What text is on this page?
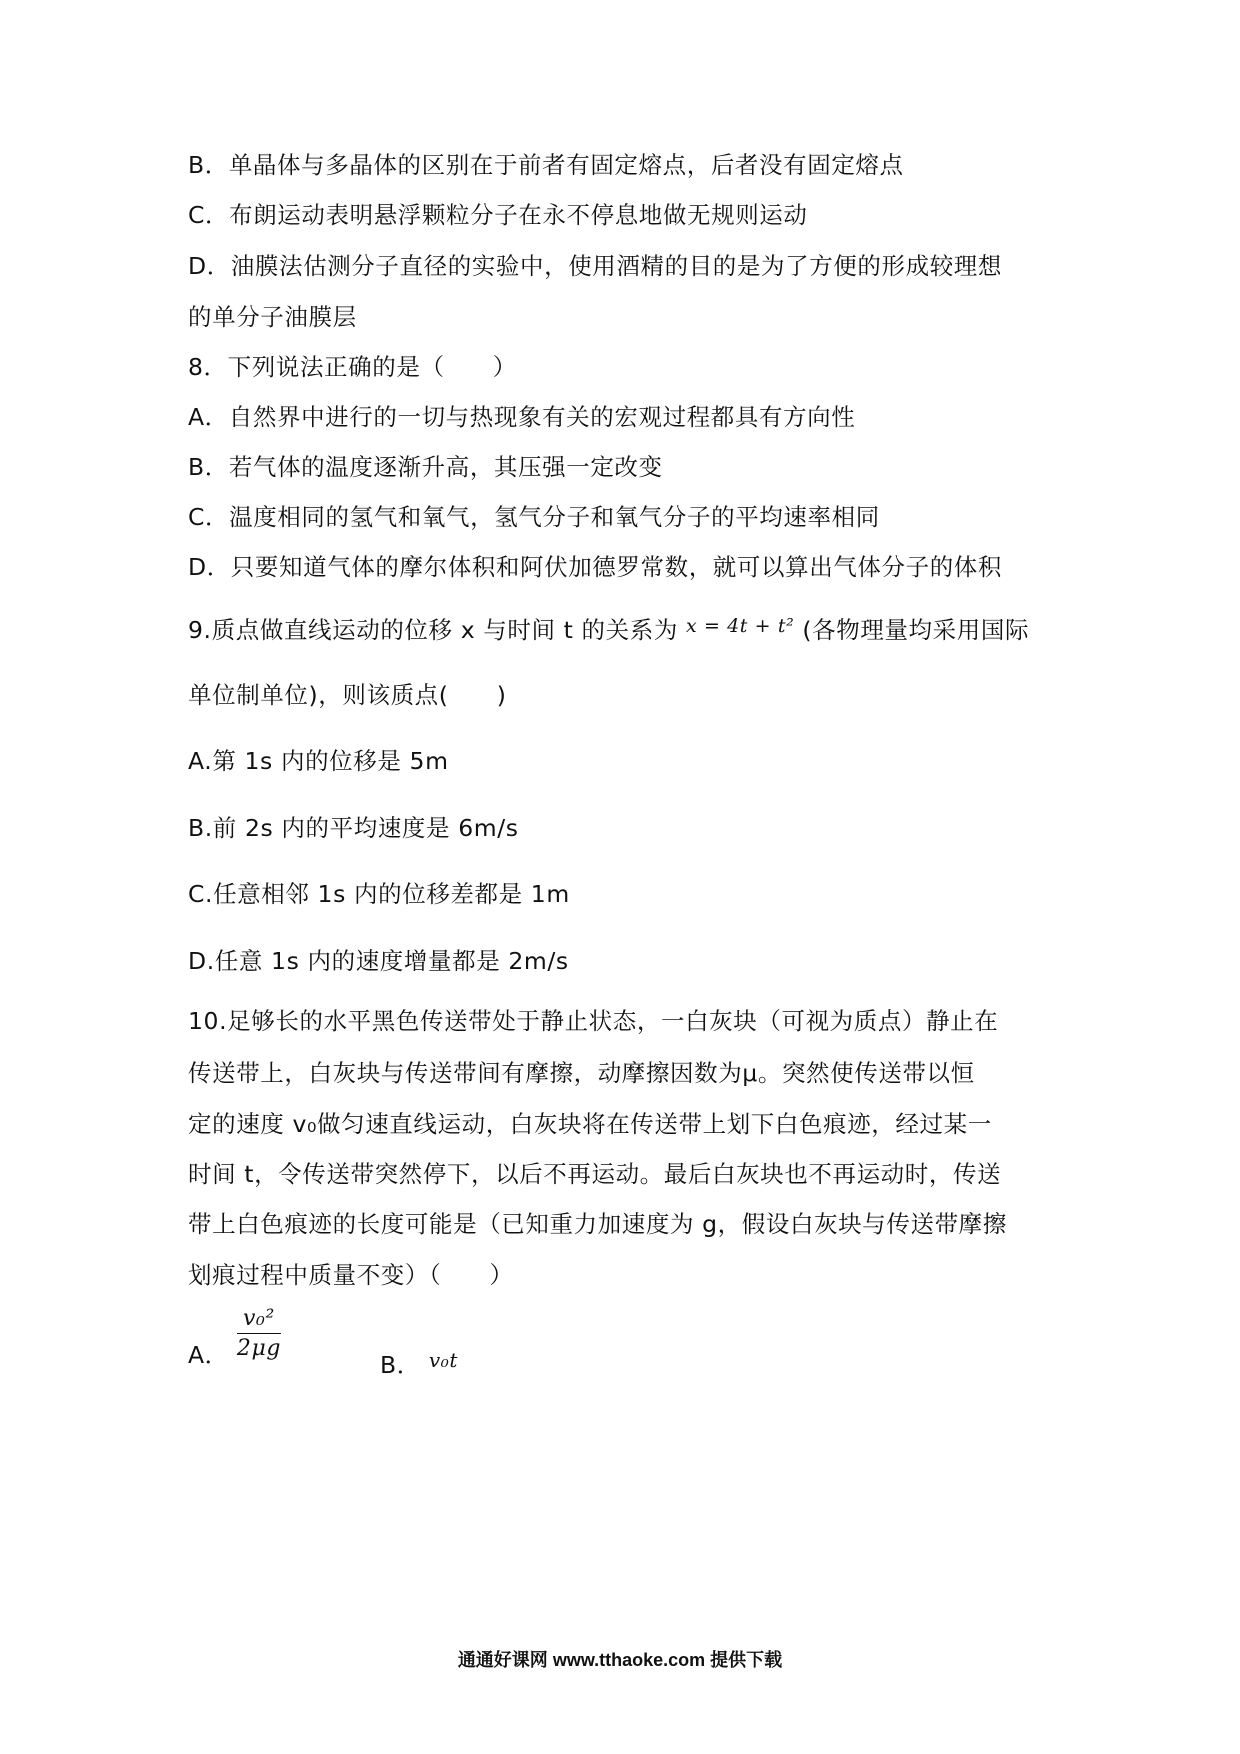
B．单晶体与多晶体的区别在于前者有固定熔点，后者没有固定熔点
C．布朗运动表明悬浮颗粒分子在永不停息地做无规则运动
D．油膜法估测分子直径的实验中，使用酒精的目的是为了方便的形成较理想
的单分子油膜层
8．下列说法正确的是（　　）
A．自然界中进行的一切与热现象有关的宏观过程都具有方向性
B．若气体的温度逐渐升高，其压强一定改变
C．温度相同的氢气和氧气，氢气分子和氧气分子的平均速率相同
D．只要知道气体的摩尔体积和阿伏加德罗常数，就可以算出气体分子的体积
9.质点做直线运动的位移 x 与时间 t 的关系为 $^{x = 4t + t^2}$ (各物理量均采用国际
单位制单位)，则该质点(　　)
A.第 1s 内的位移是 5m
B.前 2s 内的平均速度是 6m/s
C.任意相邻 1s 内的位移差都是 1m
D.任意 1s 内的速度增量都是 2m/s
10.足够长的水平黑色传送带处于静止状态，一白灰块（可视为质点）静止在
传送带上，白灰块与传送带间有摩擦，动摩擦因数为μ。突然使传送带以恒
定的速度 v₀做匀速直线运动，白灰块将在传送带上划下白色痕迹，经过某一
时间 t，令传送带突然停下，以后不再运动。最后白灰块也不再运动时，传送
带上白色痕迹的长度可能是（已知重力加速度为 g，假设白灰块与传送带摩擦
划痕过程中质量不变）（　　）
A． $\frac{\text{v₀²}}{2\mu g}$
B． v₀t
通通好课网 www.tthaoke.com 提供下载
